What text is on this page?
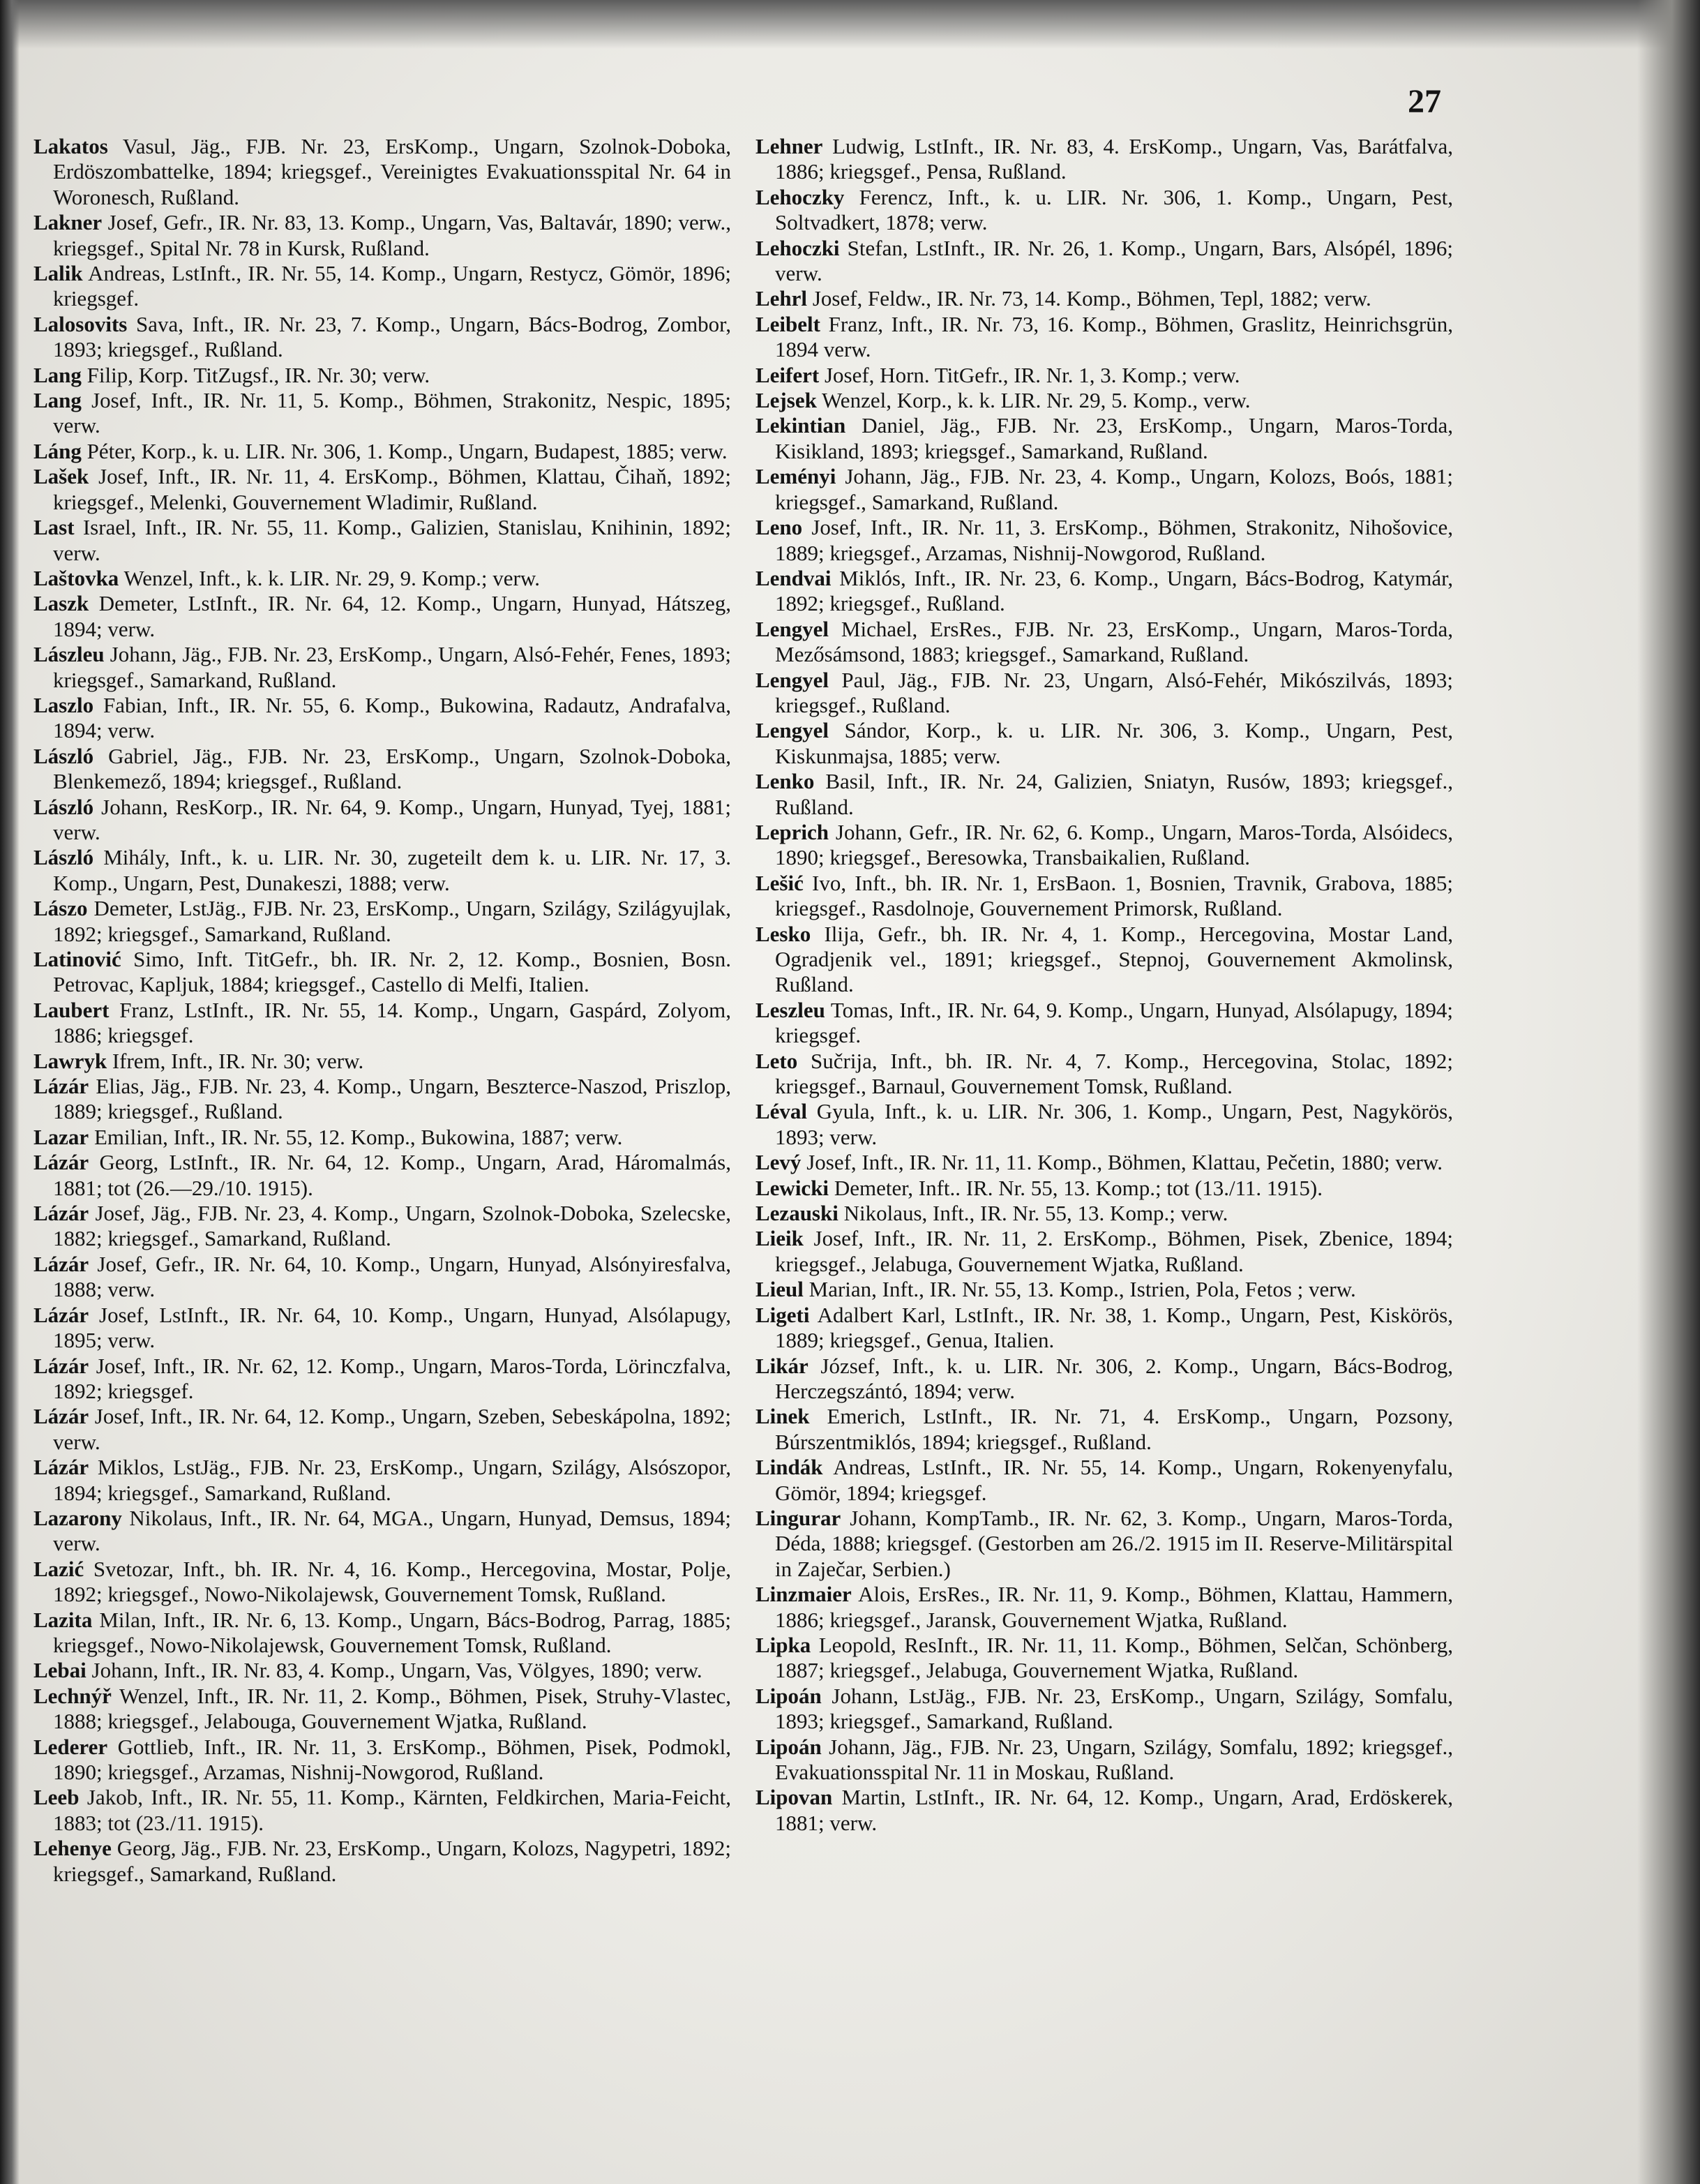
27

Lakatos Vasul, Jäg., FJB. Nr. 23, ErsKomp., Ungarn, Szolnok-Doboka, Erdöszombattelke, 1894; kriegsgef., Vereinigtes Evakuationsspital Nr. 64 in Woronesch, Rußland.

Lakner Josef, Gefr., IR. Nr. 83, 13. Komp., Ungarn, Vas, Baltavár, 1890; verw., kriegsgef., Spital Nr. 78 in Kursk, Rußland.

Lalik Andreas, LstInft., IR. Nr. 55, 14. Komp., Ungarn, Restycz, Gömör, 1896; kriegsgef.

Lalosovits Sava, Inft., IR. Nr. 23, 7. Komp., Ungarn, Bács-Bodrog, Zombor, 1893; kriegsgef., Rußland.

Lang Filip, Korp. TitZugsf., IR. Nr. 30; verw.

Lang Josef, Inft., IR. Nr. 11, 5. Komp., Böhmen, Strakonitz, Nespic, 1895; verw.

Láng Péter, Korp., k. u. LIR. Nr. 306, 1. Komp., Ungarn, Budapest, 1885; verw.

Lašek Josef, Inft., IR. Nr. 11, 4. ErsKomp., Böhmen, Klattau, Čihaň, 1892; kriegsgef., Melenki, Gouvernement Wladimir, Rußland.

Last Israel, Inft., IR. Nr. 55, 11. Komp., Galizien, Stanislau, Knihinin, 1892; verw.

Laštovka Wenzel, Inft., k. k. LIR. Nr. 29, 9. Komp.; verw.

Laszk Demeter, LstInft., IR. Nr. 64, 12. Komp., Ungarn, Hunyad, Hátszeg, 1894; verw.

Lászleu Johann, Jäg., FJB. Nr. 23, ErsKomp., Ungarn, Alsó-Fehér, Fenes, 1893; kriegsgef., Samarkand, Rußland.

Laszlo Fabian, Inft., IR. Nr. 55, 6. Komp., Bukowina, Radautz, Andrafalva, 1894; verw.

László Gabriel, Jäg., FJB. Nr. 23, ErsKomp., Ungarn, Szolnok-Doboka, Blenkemező, 1894; kriegsgef., Rußland.

László Johann, ResKorp., IR. Nr. 64, 9. Komp., Ungarn, Hunyad, Tyej, 1881; verw.

László Mihály, Inft., k. u. LIR. Nr. 30, zugeteilt dem k. u. LIR. Nr. 17, 3. Komp., Ungarn, Pest, Dunakeszi, 1888; verw.

Lászo Demeter, LstJäg., FJB. Nr. 23, ErsKomp., Ungarn, Szilágy, Szilágyujlak, 1892; kriegsgef., Samarkand, Rußland.

Latinović Simo, Inft. TitGefr., bh. IR. Nr. 2, 12. Komp., Bosnien, Bosn. Petrovac, Kapljuk, 1884; kriegsgef., Castello di Melfi, Italien.

Laubert Franz, LstInft., IR. Nr. 55, 14. Komp., Ungarn, Gaspárd, Zolyom, 1886; kriegsgef.

Lawryk Ifrem, Inft., IR. Nr. 30; verw.

Lázár Elias, Jäg., FJB. Nr. 23, 4. Komp., Ungarn, Beszterce-Naszod, Priszlop, 1889; kriegsgef., Rußland.

Lazar Emilian, Inft., IR. Nr. 55, 12. Komp., Bukowina, 1887; verw.

Lázár Georg, LstInft., IR. Nr. 64, 12. Komp., Ungarn, Arad, Háromalmás, 1881; tot (26.—29./10. 1915).

Lázár Josef, Jäg., FJB. Nr. 23, 4. Komp., Ungarn, Szolnok-Doboka, Szelecske, 1882; kriegsgef., Samarkand, Rußland.

Lázár Josef, Gefr., IR. Nr. 64, 10. Komp., Ungarn, Hunyad, Alsónyiresfalva, 1888; verw.

Lázár Josef, LstInft., IR. Nr. 64, 10. Komp., Ungarn, Hunyad, Alsólapugy, 1895; verw.

Lázár Josef, Inft., IR. Nr. 62, 12. Komp., Ungarn, Maros-Torda, Lörinczfalva, 1892; kriegsgef.

Lázár Josef, Inft., IR. Nr. 64, 12. Komp., Ungarn, Szeben, Sebeskápolna, 1892; verw.

Lázár Miklos, LstJäg., FJB. Nr. 23, ErsKomp., Ungarn, Szilágy, Alsószopor, 1894; kriegsgef., Samarkand, Rußland.

Lazarony Nikolaus, Inft., IR. Nr. 64, MGA., Ungarn, Hunyad, Demsus, 1894; verw.

Lazić Svetozar, Inft., bh. IR. Nr. 4, 16. Komp., Hercegovina, Mostar, Polje, 1892; kriegsgef., Nowo-Nikolajewsk, Gouvernement Tomsk, Rußland.

Lazita Milan, Inft., IR. Nr. 6, 13. Komp., Ungarn, Bács-Bodrog, Parrag, 1885; kriegsgef., Nowo-Nikolajewsk, Gouvernement Tomsk, Rußland.

Lebai Johann, Inft., IR. Nr. 83, 4. Komp., Ungarn, Vas, Völgyes, 1890; verw.

Lechnýř Wenzel, Inft., IR. Nr. 11, 2. Komp., Böhmen, Pisek, Struhy-Vlastec, 1888; kriegsgef., Jelabouga, Gouvernement Wjatka, Rußland.

Lederer Gottlieb, Inft., IR. Nr. 11, 3. ErsKomp., Böhmen, Pisek, Podmokl, 1890; kriegsgef., Arzamas, Nishnij-Nowgorod, Rußland.

Leeb Jakob, Inft., IR. Nr. 55, 11. Komp., Kärnten, Feldkirchen, Maria-Feicht, 1883; tot (23./11. 1915).

Lehenye Georg, Jäg., FJB. Nr. 23, ErsKomp., Ungarn, Kolozs, Nagypetri, 1892; kriegsgef., Samarkand, Rußland.

Lehner Ludwig, LstInft., IR. Nr. 83, 4. ErsKomp., Ungarn, Vas, Barátfalva, 1886; kriegsgef., Pensa, Rußland.

Lehoczky Ferencz, Inft., k. u. LIR. Nr. 306, 1. Komp., Ungarn, Pest, Soltvadkert, 1878; verw.

Lehoczki Stefan, LstInft., IR. Nr. 26, 1. Komp., Ungarn, Bars, Alsópél, 1896; verw.

Lehrl Josef, Feldw., IR. Nr. 73, 14. Komp., Böhmen, Tepl, 1882; verw.

Leibelt Franz, Inft., IR. Nr. 73, 16. Komp., Böhmen, Graslitz, Heinrichsgrün, 1894 verw.

Leifert Josef, Horn. TitGefr., IR. Nr. 1, 3. Komp.; verw.

Lejsek Wenzel, Korp., k. k. LIR. Nr. 29, 5. Komp., verw.

Lekintian Daniel, Jäg., FJB. Nr. 23, ErsKomp., Ungarn, Maros-Torda, Kisikland, 1893; kriegsgef., Samarkand, Rußland.

Leményi Johann, Jäg., FJB. Nr. 23, 4. Komp., Ungarn, Kolozs, Boós, 1881; kriegsgef., Samarkand, Rußland.

Leno Josef, Inft., IR. Nr. 11, 3. ErsKomp., Böhmen, Strakonitz, Nihošovice, 1889; kriegsgef., Arzamas, Nishnij-Nowgorod, Rußland.

Lendvai Miklós, Inft., IR. Nr. 23, 6. Komp., Ungarn, Bács-Bodrog, Katymár, 1892; kriegsgef., Rußland.

Lengyel Michael, ErsRes., FJB. Nr. 23, ErsKomp., Ungarn, Maros-Torda, Mezősámsond, 1883; kriegsgef., Samarkand, Rußland.

Lengyel Paul, Jäg., FJB. Nr. 23, Ungarn, Alsó-Fehér, Mikószilvás, 1893; kriegsgef., Rußland.

Lengyel Sándor, Korp., k. u. LIR. Nr. 306, 3. Komp., Ungarn, Pest, Kiskunmajsa, 1885; verw.

Lenko Basil, Inft., IR. Nr. 24, Galizien, Sniatyn, Rusów, 1893; kriegsgef., Rußland.

Leprich Johann, Gefr., IR. Nr. 62, 6. Komp., Ungarn, Maros-Torda, Alsóidecs, 1890; kriegsgef., Beresowka, Transbaikalien, Rußland.

Lešić Ivo, Inft., bh. IR. Nr. 1, ErsBaon. 1, Bosnien, Travnik, Grabova, 1885; kriegsgef., Rasdolnoje, Gouvernement Primorsk, Rußland.

Lesko Ilija, Gefr., bh. IR. Nr. 4, 1. Komp., Hercegovina, Mostar Land, Ogradjenik vel., 1891; kriegsgef., Stepnoj, Gouvernement Akmolinsk, Rußland.

Leszleu Tomas, Inft., IR. Nr. 64, 9. Komp., Ungarn, Hunyad, Alsólapugy, 1894; kriegsgef.

Leto Sučrija, Inft., bh. IR. Nr. 4, 7. Komp., Hercegovina, Stolac, 1892; kriegsgef., Barnaul, Gouvernement Tomsk, Rußland.

Léval Gyula, Inft., k. u. LIR. Nr. 306, 1. Komp., Ungarn, Pest, Nagykörös, 1893; verw.

Levý Josef, Inft., IR. Nr. 11, 11. Komp., Böhmen, Klattau, Pečetin, 1880; verw.

Lewicki Demeter, Inft.. IR. Nr. 55, 13. Komp.; tot (13./11. 1915).

Lezauski Nikolaus, Inft., IR. Nr. 55, 13. Komp.; verw.

Lieik Josef, Inft., IR. Nr. 11, 2. ErsKomp., Böhmen, Pisek, Zbenice, 1894; kriegsgef., Jelabuga, Gouvernement Wjatka, Rußland.

Lieul Marian, Inft., IR. Nr. 55, 13. Komp., Istrien, Pola, Fetos ; verw.

Ligeti Adalbert Karl, LstInft., IR. Nr. 38, 1. Komp., Ungarn, Pest, Kiskörös, 1889; kriegsgef., Genua, Italien.

Likár József, Inft., k. u. LIR. Nr. 306, 2. Komp., Ungarn, Bács-Bodrog, Herczegszántó, 1894; verw.

Linek Emerich, LstInft., IR. Nr. 71, 4. ErsKomp., Ungarn, Pozsony, Búrszentmiklós, 1894; kriegsgef., Rußland.

Lindák Andreas, LstInft., IR. Nr. 55, 14. Komp., Ungarn, Rokenyenyfalu, Gömör, 1894; kriegsgef.

Lingurar Johann, KompTamb., IR. Nr. 62, 3. Komp., Ungarn, Maros-Torda, Déda, 1888; kriegsgef. (Gestorben am 26./2. 1915 im II. Reserve-Militärspital in Zaječar, Serbien.)

Linzmaier Alois, ErsRes., IR. Nr. 11, 9. Komp., Böhmen, Klattau, Hammern, 1886; kriegsgef., Jaransk, Gouvernement Wjatka, Rußland.

Lipka Leopold, ResInft., IR. Nr. 11, 11. Komp., Böhmen, Selčan, Schönberg, 1887; kriegsgef., Jelabuga, Gouvernement Wjatka, Rußland.

Lipoán Johann, LstJäg., FJB. Nr. 23, ErsKomp., Ungarn, Szilágy, Somfalu, 1893; kriegsgef., Samarkand, Rußland.

Lipoán Johann, Jäg., FJB. Nr. 23, Ungarn, Szilágy, Somfalu, 1892; kriegsgef., Evakuationsspital Nr. 11 in Moskau, Rußland.

Lipovan Martin, LstInft., IR. Nr. 64, 12. Komp., Ungarn, Arad, Erdöskerek, 1881; verw.
